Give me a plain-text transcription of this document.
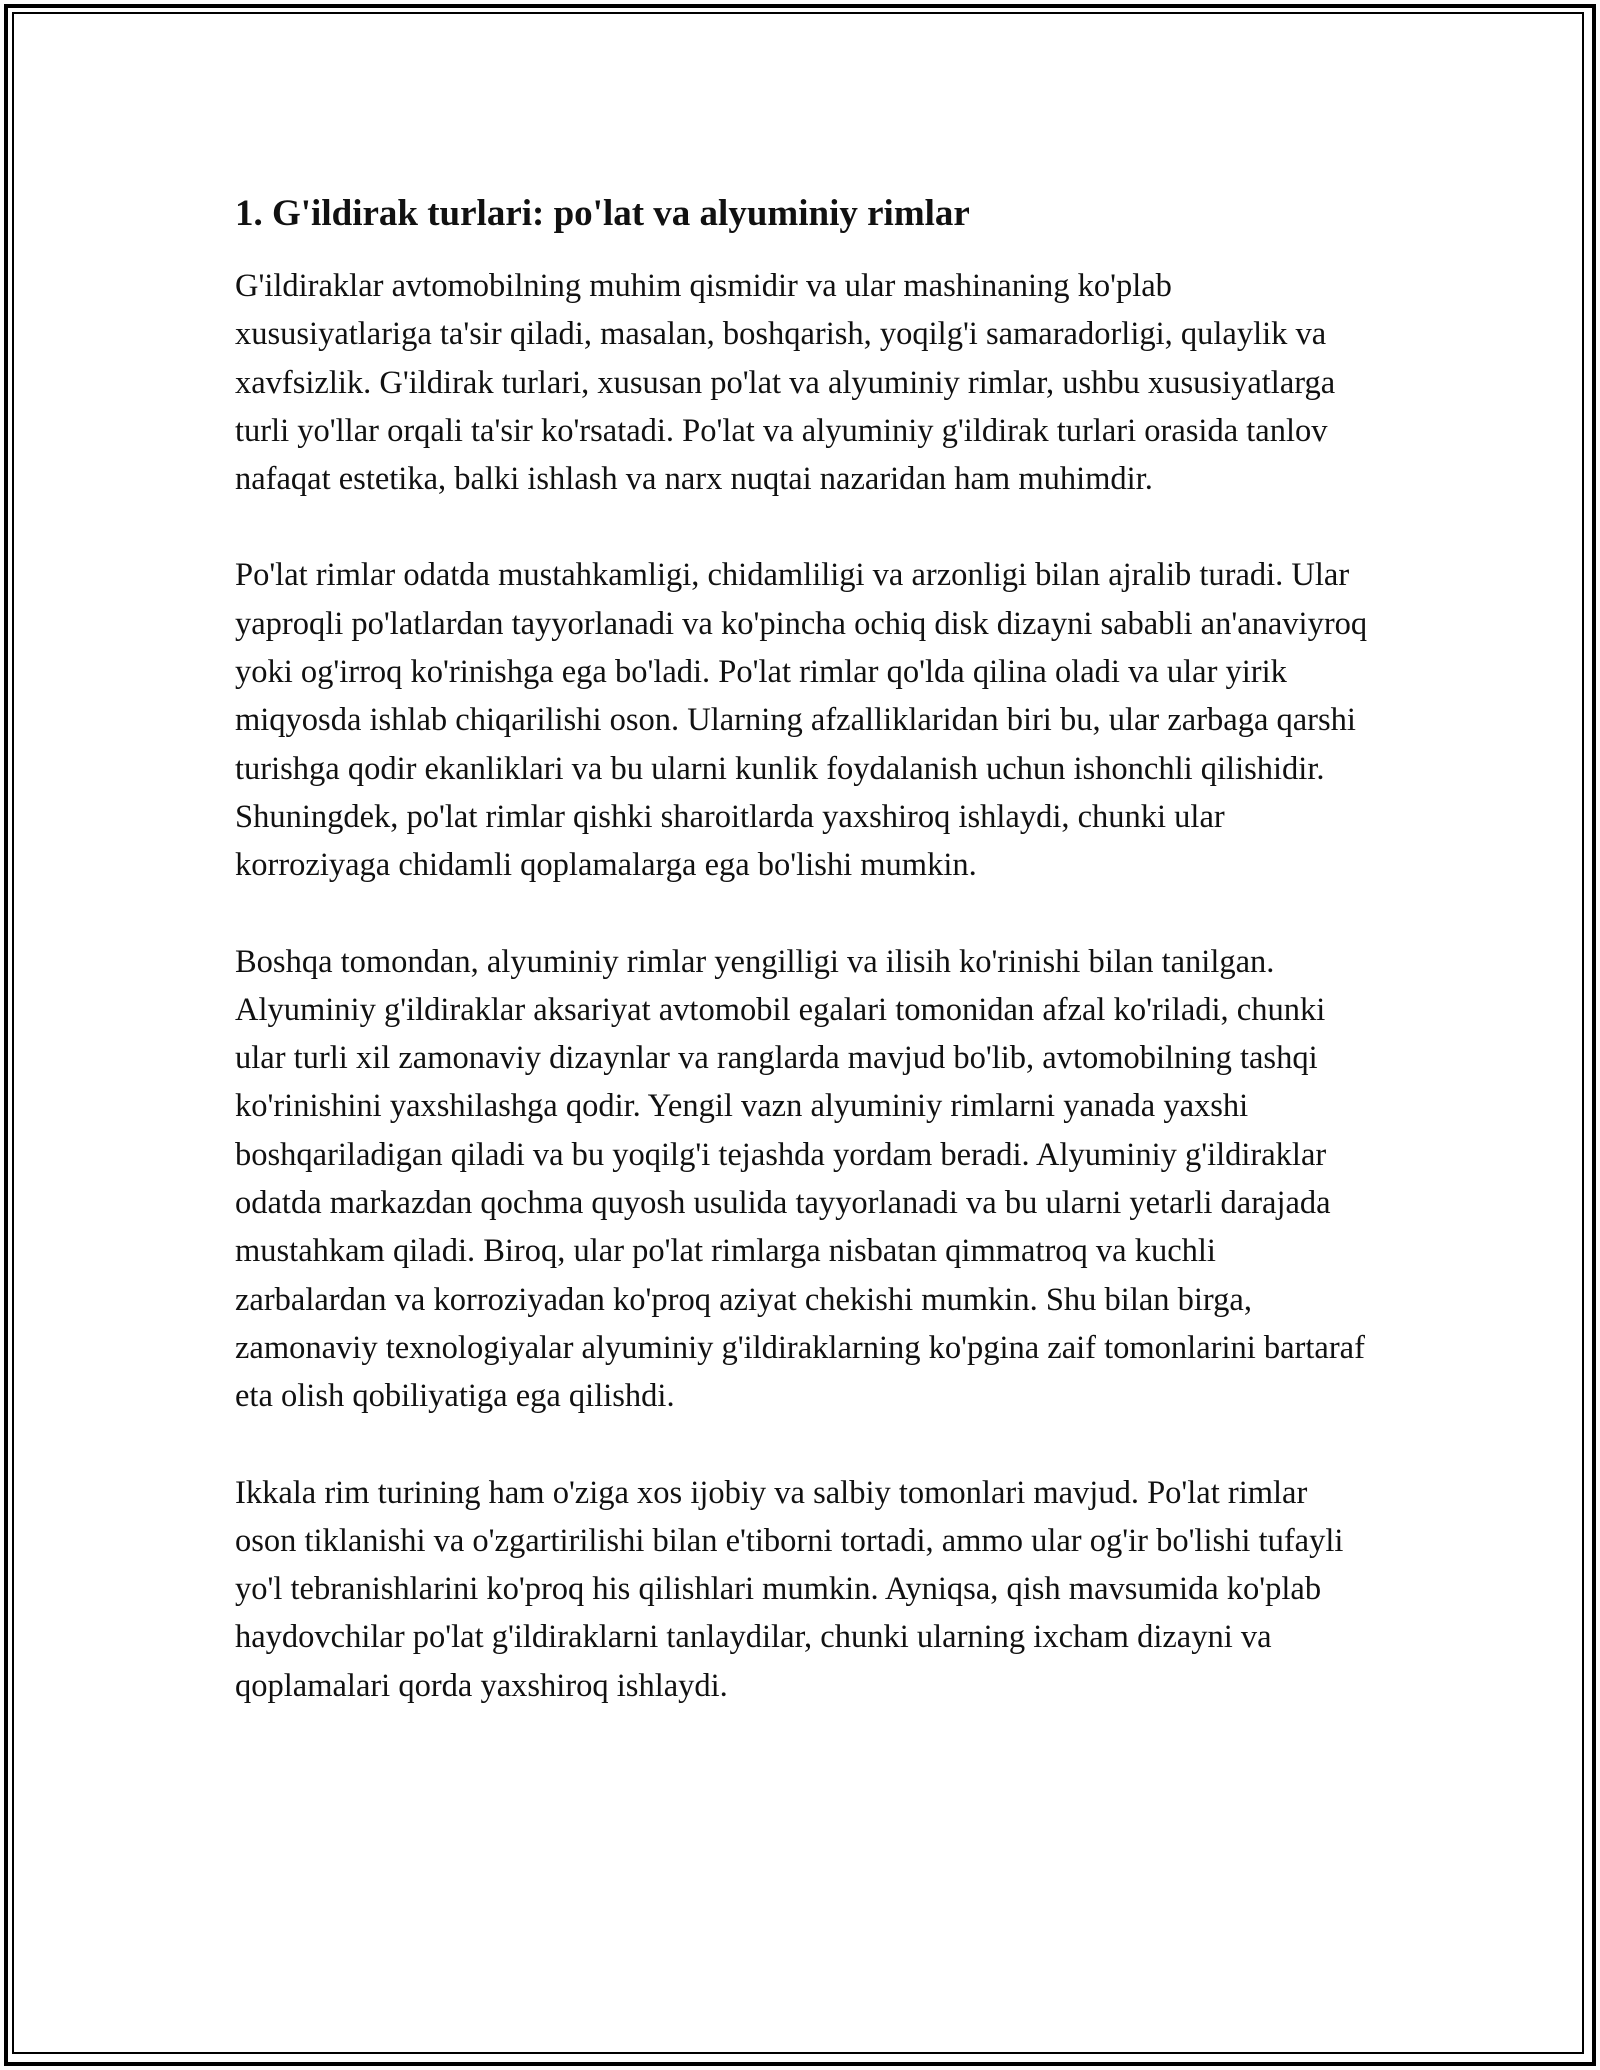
1. G'ildirak turlari: po'lat va alyuminiy rimlar

G'ildiraklar avtomobilning muhim qismidir va ular mashinaning ko'plab xususiyatlariga ta'sir qiladi, masalan, boshqarish, yoqilg'i samaradorligi, qulaylik va xavfsizlik. G'ildirak turlari, xususan po'lat va alyuminiy rimlar, ushbu xususiyatlarga turli yo'llar orqali ta'sir ko'rsatadi. Po'lat va alyuminiy g'ildirak turlari orasida tanlov nafaqat estetika, balki ishlash va narx nuqtai nazaridan ham muhimdir.

Po'lat rimlar odatda mustahkamligi, chidamliligi va arzonligi bilan ajralib turadi. Ular yaproqli po'latlardan tayyorlanadi va ko'pincha ochiq disk dizayni sababli an'anaviyroq yoki og'irroq ko'rinishga ega bo'ladi. Po'lat rimlar qo'lda qilina oladi va ular yirik miqyosda ishlab chiqarilishi oson. Ularning afzalliklaridan biri bu, ular zarbaga qarshi turishga qodir ekanliklari va bu ularni kunlik foydalanish uchun ishonchli qilishidir. Shuningdek, po'lat rimlar qishki sharoitlarda yaxshiroq ishlaydi, chunki ular korroziyaga chidamli qoplamalarga ega bo'lishi mumkin.

Boshqa tomondan, alyuminiy rimlar yengilligi va ilisih ko'rinishi bilan tanilgan. Alyuminiy g'ildiraklar aksariyat avtomobil egalari tomonidan afzal ko'riladi, chunki ular turli xil zamonaviy dizaynlar va ranglarda mavjud bo'lib, avtomobilning tashqi ko'rinishini yaxshilashga qodir. Yengil vazn alyuminiy rimlarni yanada yaxshi boshqariladigan qiladi va bu yoqilg'i tejashda yordam beradi. Alyuminiy g'ildiraklar odatda markazdan qochma quyosh usulida tayyorlanadi va bu ularni yetarli darajada mustahkam qiladi. Biroq, ular po'lat rimlarga nisbatan qimmatroq va kuchli zarbalardan va korroziyadan ko'proq aziyat chekishi mumkin. Shu bilan birga, zamonaviy texnologiyalar alyuminiy g'ildiraklarning ko'pgina zaif tomonlarini bartaraf eta olish qobiliyatiga ega qilishdi.

Ikkala rim turining ham o'ziga xos ijobiy va salbiy tomonlari mavjud. Po'lat rimlar oson tiklanishi va o'zgartirilishi bilan e'tiborni tortadi, ammo ular og'ir bo'lishi tufayli yo'l tebranishlarini ko'proq his qilishlari mumkin. Ayniqsa, qish mavsumida ko'plab haydovchilar po'lat g'ildiraklarni tanlaydilar, chunki ularning ixcham dizayni va qoplamalari qorda yaxshiroq ishlaydi.
